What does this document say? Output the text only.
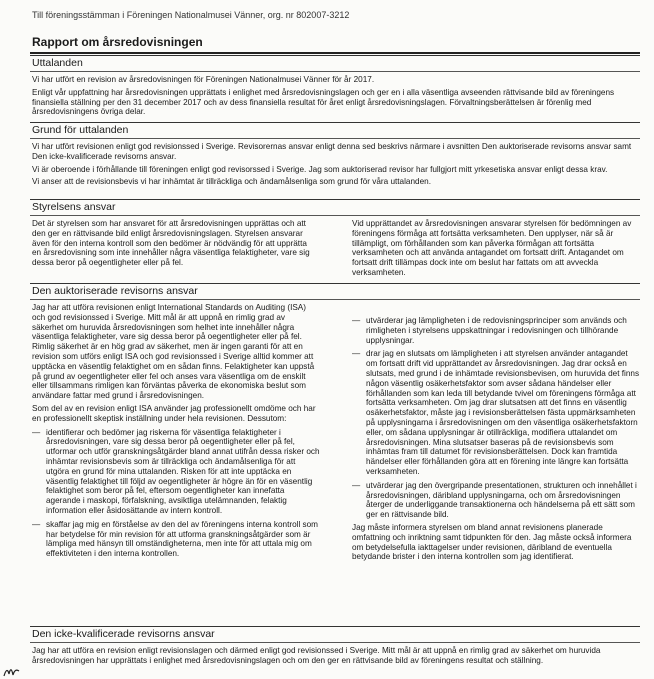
Till föreningsstämman i Föreningen Nationalmusei Vänner, org. nr 802007-3212
Rapport om årsredovisningen
Uttalanden
Vi har utfört en revision av årsredovisningen för Föreningen Nationalmusei Vänner för år 2017.
Enligt vår uppfattning har årsredovisningen upprättats i enlighet med årsredovisningslagen och ger en i alla väsentliga avseenden rättvisande bild av föreningens finansiella ställning per den 31 december 2017 och av dess finansiella resultat för året enligt årsredovisningslagen. Förvaltningsberättelsen är förenlig med årsredovisningens övriga delar.
Grund för uttalanden
Vi har utfört revisionen enligt god revisionssed i Sverige. Revisorernas ansvar enligt denna sed beskrivs närmare i avsnitten Den auktoriserade revisorns ansvar samt Den icke-kvalificerade revisorns ansvar.
Vi är oberoende i förhållande till föreningen enligt god revisorssed i Sverige. Jag som auktoriserad revisor har fullgjort mitt yrkesetiska ansvar enligt dessa krav.
Vi anser att de revisionsbevis vi har inhämtat är tillräckliga och ändamålsenliga som grund för våra uttalanden.
Styrelsens ansvar
Det är styrelsen som har ansvaret för att årsredovisningen upprättas och att den ger en rättvisande bild enligt årsredovisningslagen. Styrelsen ansvarar även för den interna kontroll som den bedömer är nödvändig för att upprätta en årsredovisning som inte innehåller några väsentliga felaktigheter, vare sig dessa beror på oegentligheter eller på fel.
Vid upprättandet av årsredovisningen ansvarar styrelsen för bedömningen av föreningens förmåga att fortsätta verksamheten. Den upplyser, när så är tillämpligt, om förhållanden som kan påverka förmågan att fortsätta verksamheten och att använda antagandet om fortsatt drift. Antagandet om fortsatt drift tillämpas dock inte om beslut har fattats om att avveckla verksamheten.
Den auktoriserade revisorns ansvar
Jag har att utföra revisionen enligt International Standards on Auditing (ISA) och god revisionssed i Sverige. Mitt mål är att uppnå en rimlig grad av säkerhet om huruvida årsredovisningen som helhet inte innehåller några väsentliga felaktigheter, vare sig dessa beror på oegentligheter eller på fel. Rimlig säkerhet är en hög grad av säkerhet, men är ingen garanti för att en revision som utförs enligt ISA och god revisionssed i Sverige alltid kommer att upptäcka en väsentlig felaktighet om en sådan finns. Felaktigheter kan uppstå på grund av oegentligheter eller fel och anses vara väsentliga om de enskilt eller tillsammans rimligen kan förväntas påverka de ekonomiska beslut som användare fattar med grund i årsredovisningen.
Som del av en revision enligt ISA använder jag professionellt omdöme och har en professionellt skeptisk inställning under hela revisionen. Dessutom:
— identifierar och bedömer jag riskerna för väsentliga felaktigheter i årsredovisningen, vare sig dessa beror på oegentligheter eller på fel, utformar och utför granskningsåtgärder bland annat utifrån dessa risker och inhämtar revisionsbevis som är tillräckliga och ändamålsenliga för att utgöra en grund för mina uttalanden. Risken för att inte upptäcka en väsentlig felaktighet till följd av oegentligheter är högre än för en väsentlig felaktighet som beror på fel, eftersom oegentligheter kan innefatta agerande i maskopi, förfalskning, avsiktliga utelämnanden, felaktig information eller åsidosättande av intern kontroll.
— skaffar jag mig en förståelse av den del av föreningens interna kontroll som har betydelse för min revision för att utforma granskningsåtgärder som är lämpliga med hänsyn till omständigheterna, men inte för att uttala mig om effektiviteten i den interna kontrollen.
— utvärderar jag lämpligheten i de redovisningsprinciper som används och rimligheten i styrelsens uppskattningar i redovisningen och tillhörande upplysningar.
— drar jag en slutsats om lämpligheten i att styrelsen använder antagandet om fortsatt drift vid upprättandet av årsredovisningen. Jag drar också en slutsats, med grund i de inhämtade revisionsbevisen, om huruvida det finns någon väsentlig osäkerhetsfaktor som avser sådana händelser eller förhållanden som kan leda till betydande tvivel om föreningens förmåga att fortsätta verksamheten. Om jag drar slutsatsen att det finns en väsentlig osäkerhetsfaktor, måste jag i revisionsberättelsen fästa uppmärksamheten på upplysningarna i årsredovisningen om den väsentliga osäkerhetsfaktorn eller, om sådana upplysningar är otillräckliga, modifiera uttalandet om årsredovisningen. Mina slutsatser baseras på de revisionsbevis som inhämtas fram till datumet för revisionsberättelsen. Dock kan framtida händelser eller förhållanden göra att en förening inte längre kan fortsätta verksamheten.
— utvärderar jag den övergripande presentationen, strukturen och innehållet i årsredovisningen, däribland upplysningarna, och om årsredovisningen återger de underliggande transaktionerna och händelserna på ett sätt som ger en rättvisande bild.
Jag måste informera styrelsen om bland annat revisionens planerade omfattning och inriktning samt tidpunkten för den. Jag måste också informera om betydelsefulla iakttagelser under revisionen, däribland de eventuella betydande brister i den interna kontrollen som jag identifierat.
Den icke-kvalificerade revisorns ansvar
Jag har att utföra en revision enligt revisionslagen och därmed enligt god revisionssed i Sverige. Mitt mål är att uppnå en rimlig grad av säkerhet om huruvida årsredovisningen har upprättats i enlighet med årsredovisningslagen och om den ger en rättvisande bild av föreningens resultat och ställning.
